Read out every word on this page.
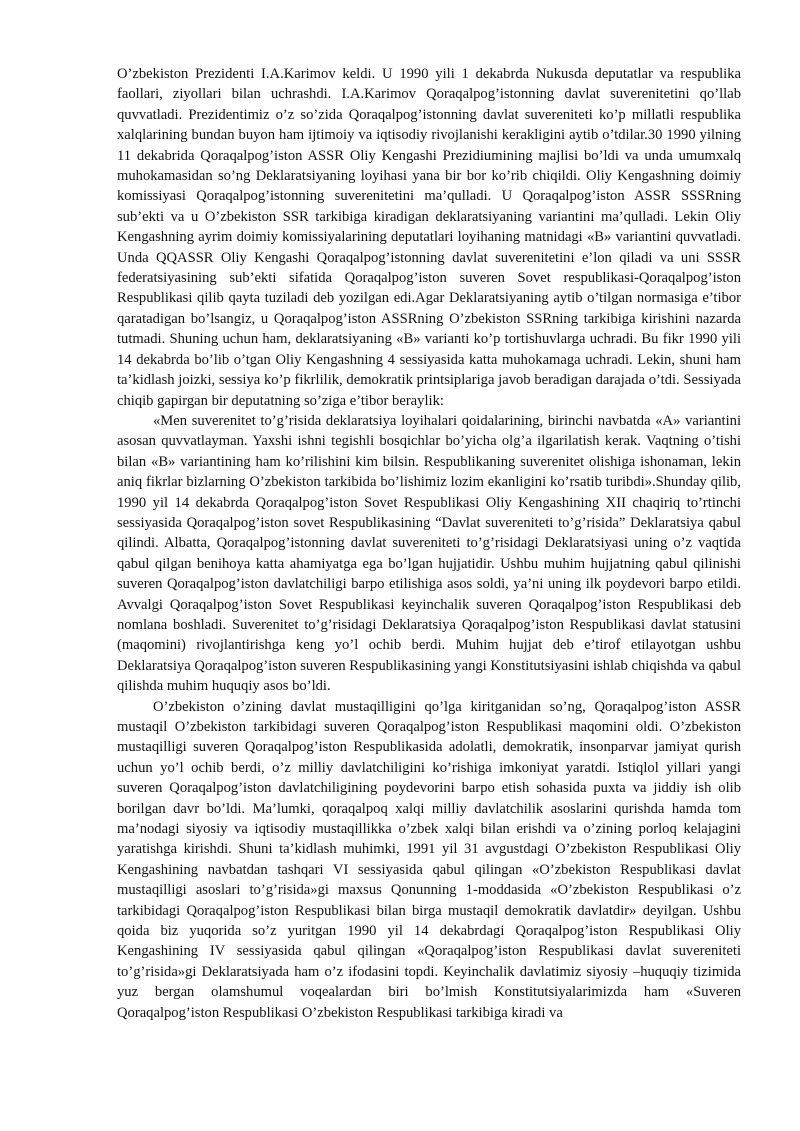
O’zbekiston Prezidenti I.A.Karimov keldi. U 1990 yili 1 dekabrda Nukusda deputatlar va respublika faollari, ziyollari bilan uchrashdi. I.A.Karimov Qoraqalpog’istonning davlat suverenitetini qo’llab quvvatladi. Prezidentimiz o’z so’zida Qoraqalpog’istonning davlat suvereniteti ko’p millatli respublika xalqlarining bundan buyon ham ijtimoiy va iqtisodiy rivojlanishi kerakligini aytib o’tdilar.30 1990 yilning 11 dekabrida Qoraqalpog’iston ASSR Oliy Kengashi Prezidiumining majlisi bo’ldi va unda umumxalq muhokamasidan so’ng Deklaratsiyaning loyihasi yana bir bor ko’rib chiqildi. Oliy Kengashning doimiy komissiyasi Qoraqalpog’istonning suverenitetini ma’qulladi. U Qoraqalpog’iston ASSR SSSRning sub’ekti va u O’zbekiston SSR tarkibiga kiradigan deklaratsiyaning variantini ma’qulladi. Lekin Oliy Kengashning ayrim doimiy komissiyalarining deputatlari loyihaning matnidagi «B» variantini quvvatladi. Unda QQASSR Oliy Kengashi Qoraqalpog’istonning davlat suverenitetini e’lon qiladi va uni SSSR federatsiyasining sub’ekti sifatida Qoraqalpog’iston suveren Sovet respublikasi-Qoraqalpog’iston Respublikasi qilib qayta tuziladi deb yozilgan edi.Agar Deklaratsiyaning aytib o’tilgan normasiga e’tibor qaratadigan bo’lsangiz, u Qoraqalpog’iston ASSRning O’zbekiston SSRning tarkibiga kirishini nazarda tutmadi. Shuning uchun ham, deklaratsiyaning «B» varianti ko’p tortishuvlarga uchradi. Bu fikr 1990 yili 14 dekabrda bo’lib o’tgan Oliy Kengashning 4 sessiyasida katta muhokamaga uchradi. Lekin, shuni ham ta’kidlash joizki, sessiya ko’p fikrlilik, demokratik printsiplariga javob beradigan darajada o’tdi. Sessiyada chiqib gapirgan bir deputatning so’ziga e’tibor beraylik:

«Men suverenitet to’g’risida deklaratsiya loyihalari qoidalarining, birinchi navbatda «A» variantini asosan quvvatlayman. Yaxshi ishni tegishli bosqichlar bo’yicha olg’a ilgarilatish kerak. Vaqtning o’tishi bilan «B» variantining ham ko’rilishini kim bilsin. Respublikaning suverenitet olishiga ishonaman, lekin aniq fikrlar bizlarning O’zbekiston tarkibida bo’lishimiz lozim ekanligini ko’rsatib turibdi».Shunday qilib, 1990 yil 14 dekabrda Qoraqalpog’iston Sovet Respublikasi Oliy Kengashining XII chaqiriq to’rtinchi sessiyasida Qoraqalpog’iston sovet Respublikasining “Davlat suvereniteti to’g’risida” Deklaratsiya qabul qilindi. Albatta, Qoraqalpog’istonning davlat suvereniteti to’g’risidagi Deklaratsiyasi uning o’z vaqtida qabul qilgan benihoya katta ahamiyatga ega bo’lgan hujjatidir. Ushbu muhim hujjatning qabul qilinishi suveren Qoraqalpog’iston davlatchiligi barpo etilishiga asos soldi, ya’ni uning ilk poydevori barpo etildi. Avvalgi Qoraqalpog’iston Sovet Respublikasi keyinchalik suveren Qoraqalpog’iston Respublikasi deb nomlana boshladi. Suverenitet to’g’risidagi Deklaratsiya Qoraqalpog’iston Respublikasi davlat statusini (maqomini) rivojlantirishga keng yo’l ochib berdi. Muhim hujjat deb e’tirof etilayotgan ushbu Deklaratsiya Qoraqalpog’iston suveren Respublikasining yangi Konstitutsiyasini ishlab chiqishda va qabul qilishda muhim huquqiy asos bo’ldi.

O’zbekiston o’zining davlat mustaqilligini qo’lga kiritganidan so’ng, Qoraqalpog’iston ASSR mustaqil O’zbekiston tarkibidagi suveren Qoraqalpog’iston Respublikasi maqomini oldi. O’zbekiston mustaqilligi suveren Qoraqalpog’iston Respublikasida adolatli, demokratik, insonparvar jamiyat qurish uchun yo’l ochib berdi, o’z milliy davlatchiligini ko’rishiga imkoniyat yaratdi. Istiqlol yillari yangi suveren Qoraqalpog’iston davlatchiligining poydevorini barpo etish sohasida puxta va jiddiy ish olib borilgan davr bo’ldi. Ma’lumki, qoraqalpoq xalqi milliy davlatchilik asoslarini qurishda hamda tom ma’nodagi siyosiy va iqtisodiy mustaqillikka o’zbek xalqi bilan erishdi va o’zining porloq kelajagini yaratishga kirishdi. Shuni ta’kidlash muhimki, 1991 yil 31 avgustdagi O’zbekiston Respublikasi Oliy Kengashining navbatdan tashqari VI sessiyasida qabul qilingan «O’zbekiston Respublikasi davlat mustaqilligi asoslari to’g’risida»gi maxsus Qonunning 1-moddasida «O’zbekiston Respublikasi o’z tarkibidagi Qoraqalpog’iston Respublikasi bilan birga mustaqil demokratik davlatdir» deyilgan. Ushbu qoida biz yuqorida so’z yuritgan 1990 yil 14 dekabrdagi Qoraqalpog’iston Respublikasi Oliy Kengashining IV sessiyasida qabul qilingan «Qoraqalpog’iston Respublikasi davlat suvereniteti to’g’risida»gi Deklaratsiyada ham o’z ifodasini topdi. Keyinchalik davlatimiz siyosiy –huquqiy tizimida yuz bergan olamshumul voqealardan biri bo’lmish Konstitutsiyalarimizda ham «Suveren Qoraqalpog’iston Respublikasi O’zbekiston Respublikasi tarkibiga kiradi va
